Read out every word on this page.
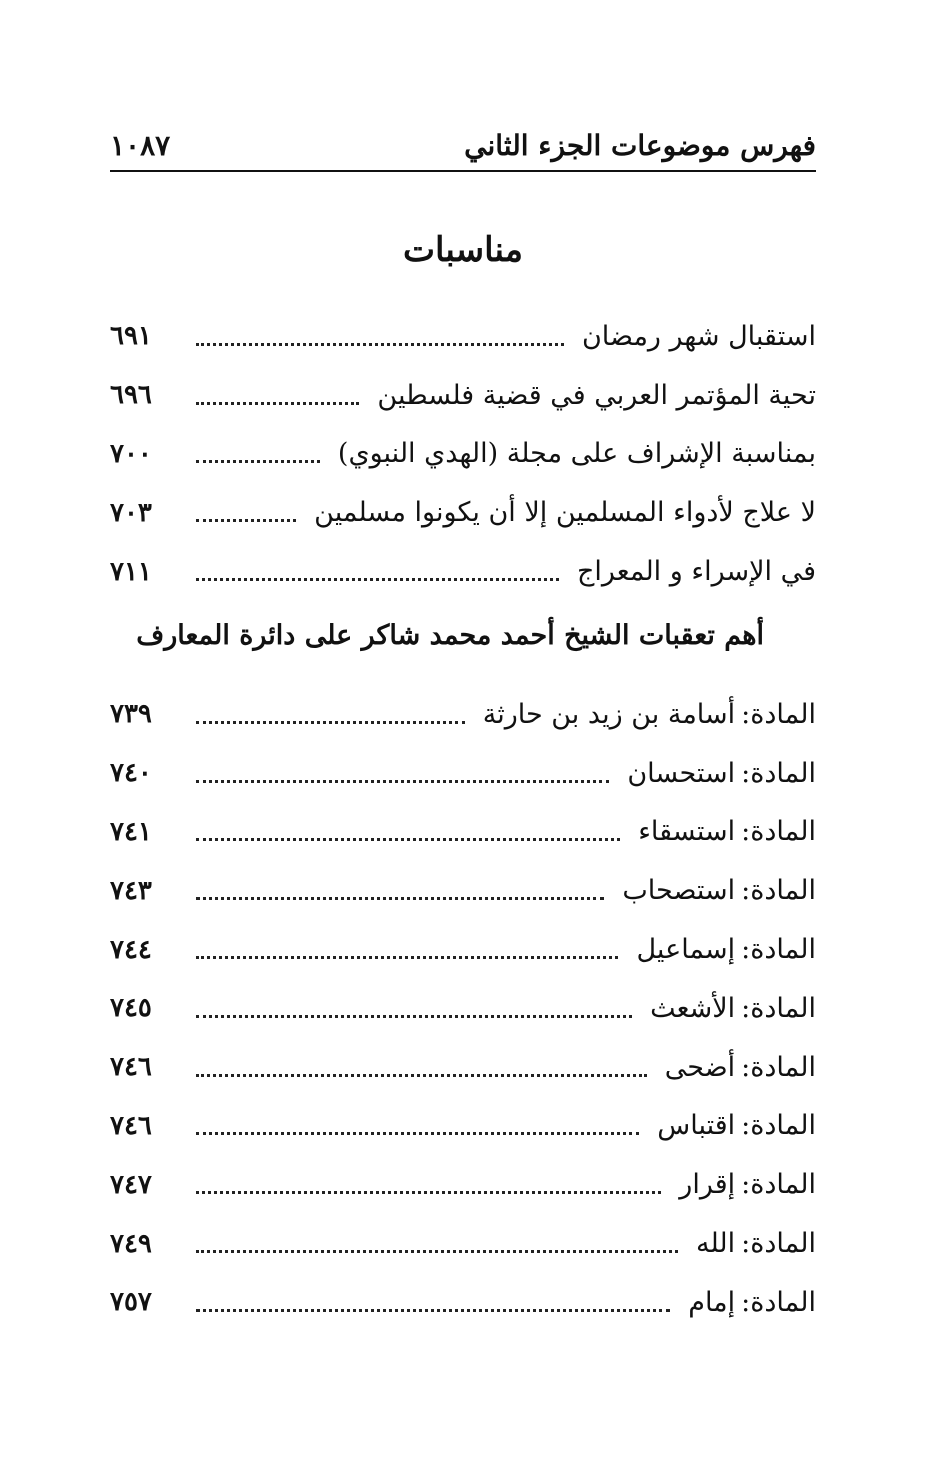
فهرس موضوعات الجزء الثاني
١٠٨٧
مناسبات
استقبال شهر رمضان
٦٩١
تحية المؤتمر العربي في قضية فلسطين
٦٩٦
بمناسبة الإشراف على مجلة (الهدي النبوي)
٧٠٠
لا علاج لأدواء المسلمين إلا أن يكونوا مسلمين
٧٠٣
في الإسراء و المعراج
٧١١
أهم تعقبات الشيخ أحمد محمد شاكر على دائرة المعارف
المادة:أسامة بن زيد بن حارثة
٧٣٩
المادة:استحسان
٧٤٠
المادة:استسقاء
٧٤١
المادة:استصحاب
٧٤٣
المادة:إسماعيل
٧٤٤
المادة:الأشعث
٧٤٥
المادة:أضحى
٧٤٦
المادة:اقتباس
٧٤٦
المادة:إقرار
٧٤٧
المادة:الله
٧٤٩
المادة:إمام
٧٥٧
